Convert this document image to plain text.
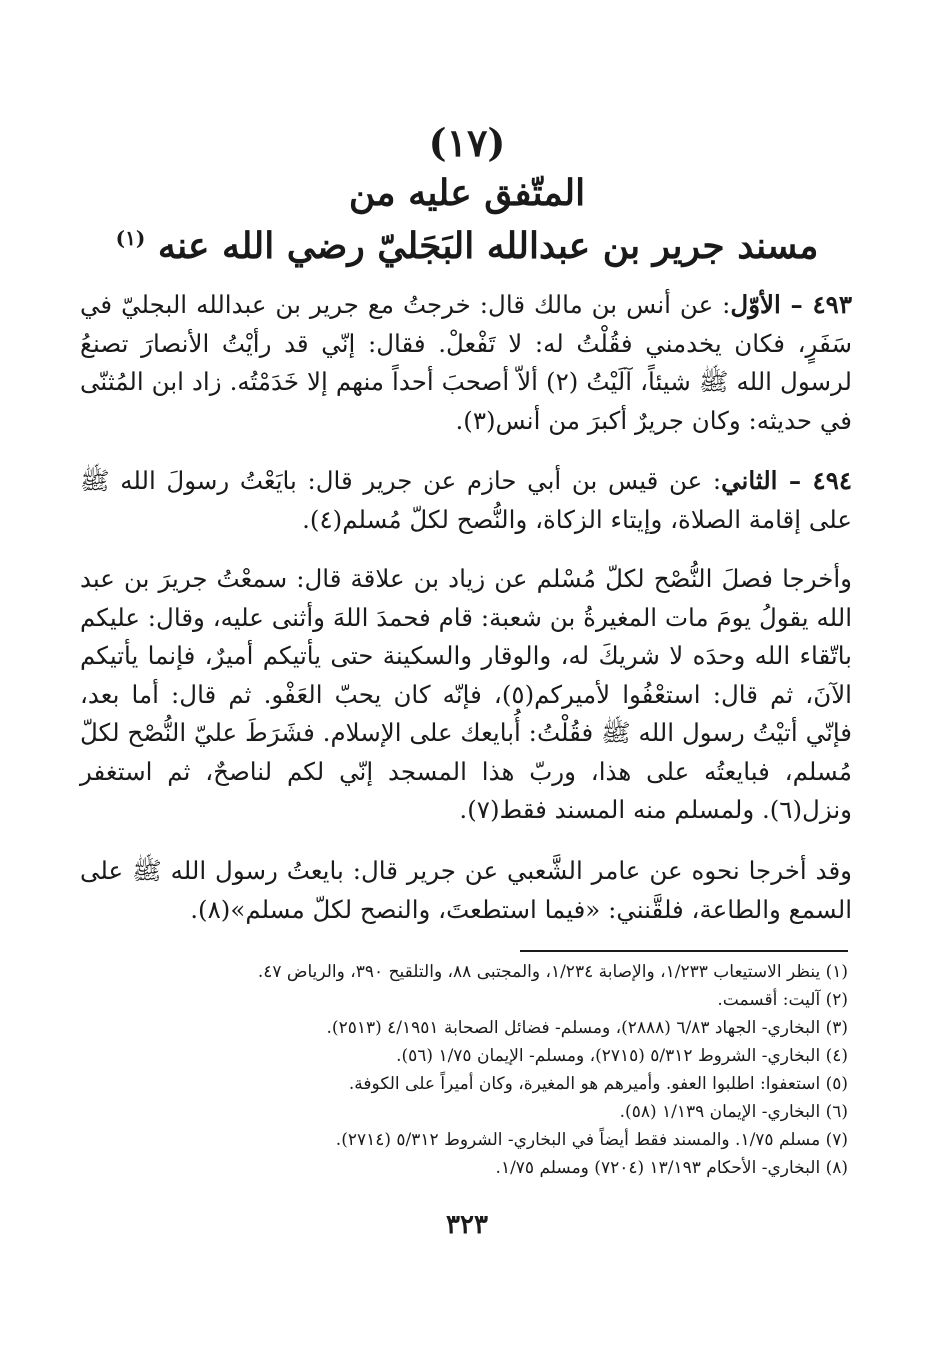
(١٧)
المتّفق عليه من
مسند جرير بن عبدالله البَجَليّ رضي الله عنه $^{(١)}$

٤٩٣ – الأوّل: عن أنس بن مالك قال: خرجتُ مع جرير بن عبدالله البجليّ في سَفَرٍ، فكان يخدمني فقُلْتُ له: لا تَفْعلْ. فقال: إنّي قد رأيْتُ الأنصارَ تصنعُ لرسول الله ﷺ شيئاً، آلَيْتُ (٢) ألاّ أصحبَ أحداً منهم إلا خَدَمْتُه. زاد ابن المُثنّى في حديثه: وكان جريرٌ أكبرَ من أنس(٣).

٤٩٤ – الثاني: عن قيس بن أبي حازم عن جرير قال: بايَعْتُ رسولَ الله ﷺ على إقامة الصلاة، وإيتاء الزكاة، والنُّصح لكلّ مُسلم(٤).

وأخرجا فصلَ النُّصْح لكلّ مُسْلم عن زياد بن علاقة قال: سمعْتُ جريرَ بن عبد الله يقولُ يومَ مات المغيرةُ بن شعبة: قام فحمدَ اللهَ وأثنى عليه، وقال: عليكم باتّقاء الله وحدَه لا شريكَ له، والوقار والسكينة حتى يأتيكم أميرٌ، فإنما يأتيكم الآنَ، ثم قال: استعْفُوا لأميركم(٥)، فإنّه كان يحبّ العَفْو. ثم قال: أما بعد، فإنّي أتيْتُ رسول الله ﷺ فقُلْتُ: أُبايعك على الإسلام. فشَرَطَ عليّ النُّصْح لكلّ مُسلم، فبايعتُه على هذا، وربّ هذا المسجد إنّي لكم لناصحٌ، ثم استغفر ونزل(٦). ولمسلم منه المسند فقط(٧).

وقد أخرجا نحوه عن عامر الشَّعبي عن جرير قال: بايعتُ رسول الله ﷺ على السمع والطاعة، فلقَّنني: «فيما استطعتَ، والنصح لكلّ مسلم»(٨).

(١) ينظر الاستيعاب ١/٢٣٣، والإصابة ١/٢٣٤، والمجتبى ٨٨، والتلقيح ٣٩٠، والرياض ٤٧.

(٢) آليت: أقسمت.

(٣) البخاري- الجهاد ٦/٨٣ (٢٨٨٨)، ومسلم- فضائل الصحابة ٤/١٩٥١ (٢٥١٣).

(٤) البخاري- الشروط ٥/٣١٢ (٢٧١٥)، ومسلم- الإيمان ١/٧٥ (٥٦).

(٥) استعفوا: اطلبوا العفو. وأميرهم هو المغيرة، وكان أميراً على الكوفة.

(٦) البخاري- الإيمان ١/١٣٩ (٥٨).

(٧) مسلم ١/٧٥. والمسند فقط أيضاً في البخاري- الشروط ٥/٣١٢ (٢٧١٤).

(٨) البخاري- الأحكام ١٣/١٩٣ (٧٢٠٤) ومسلم ١/٧٥.

٣٢٣
